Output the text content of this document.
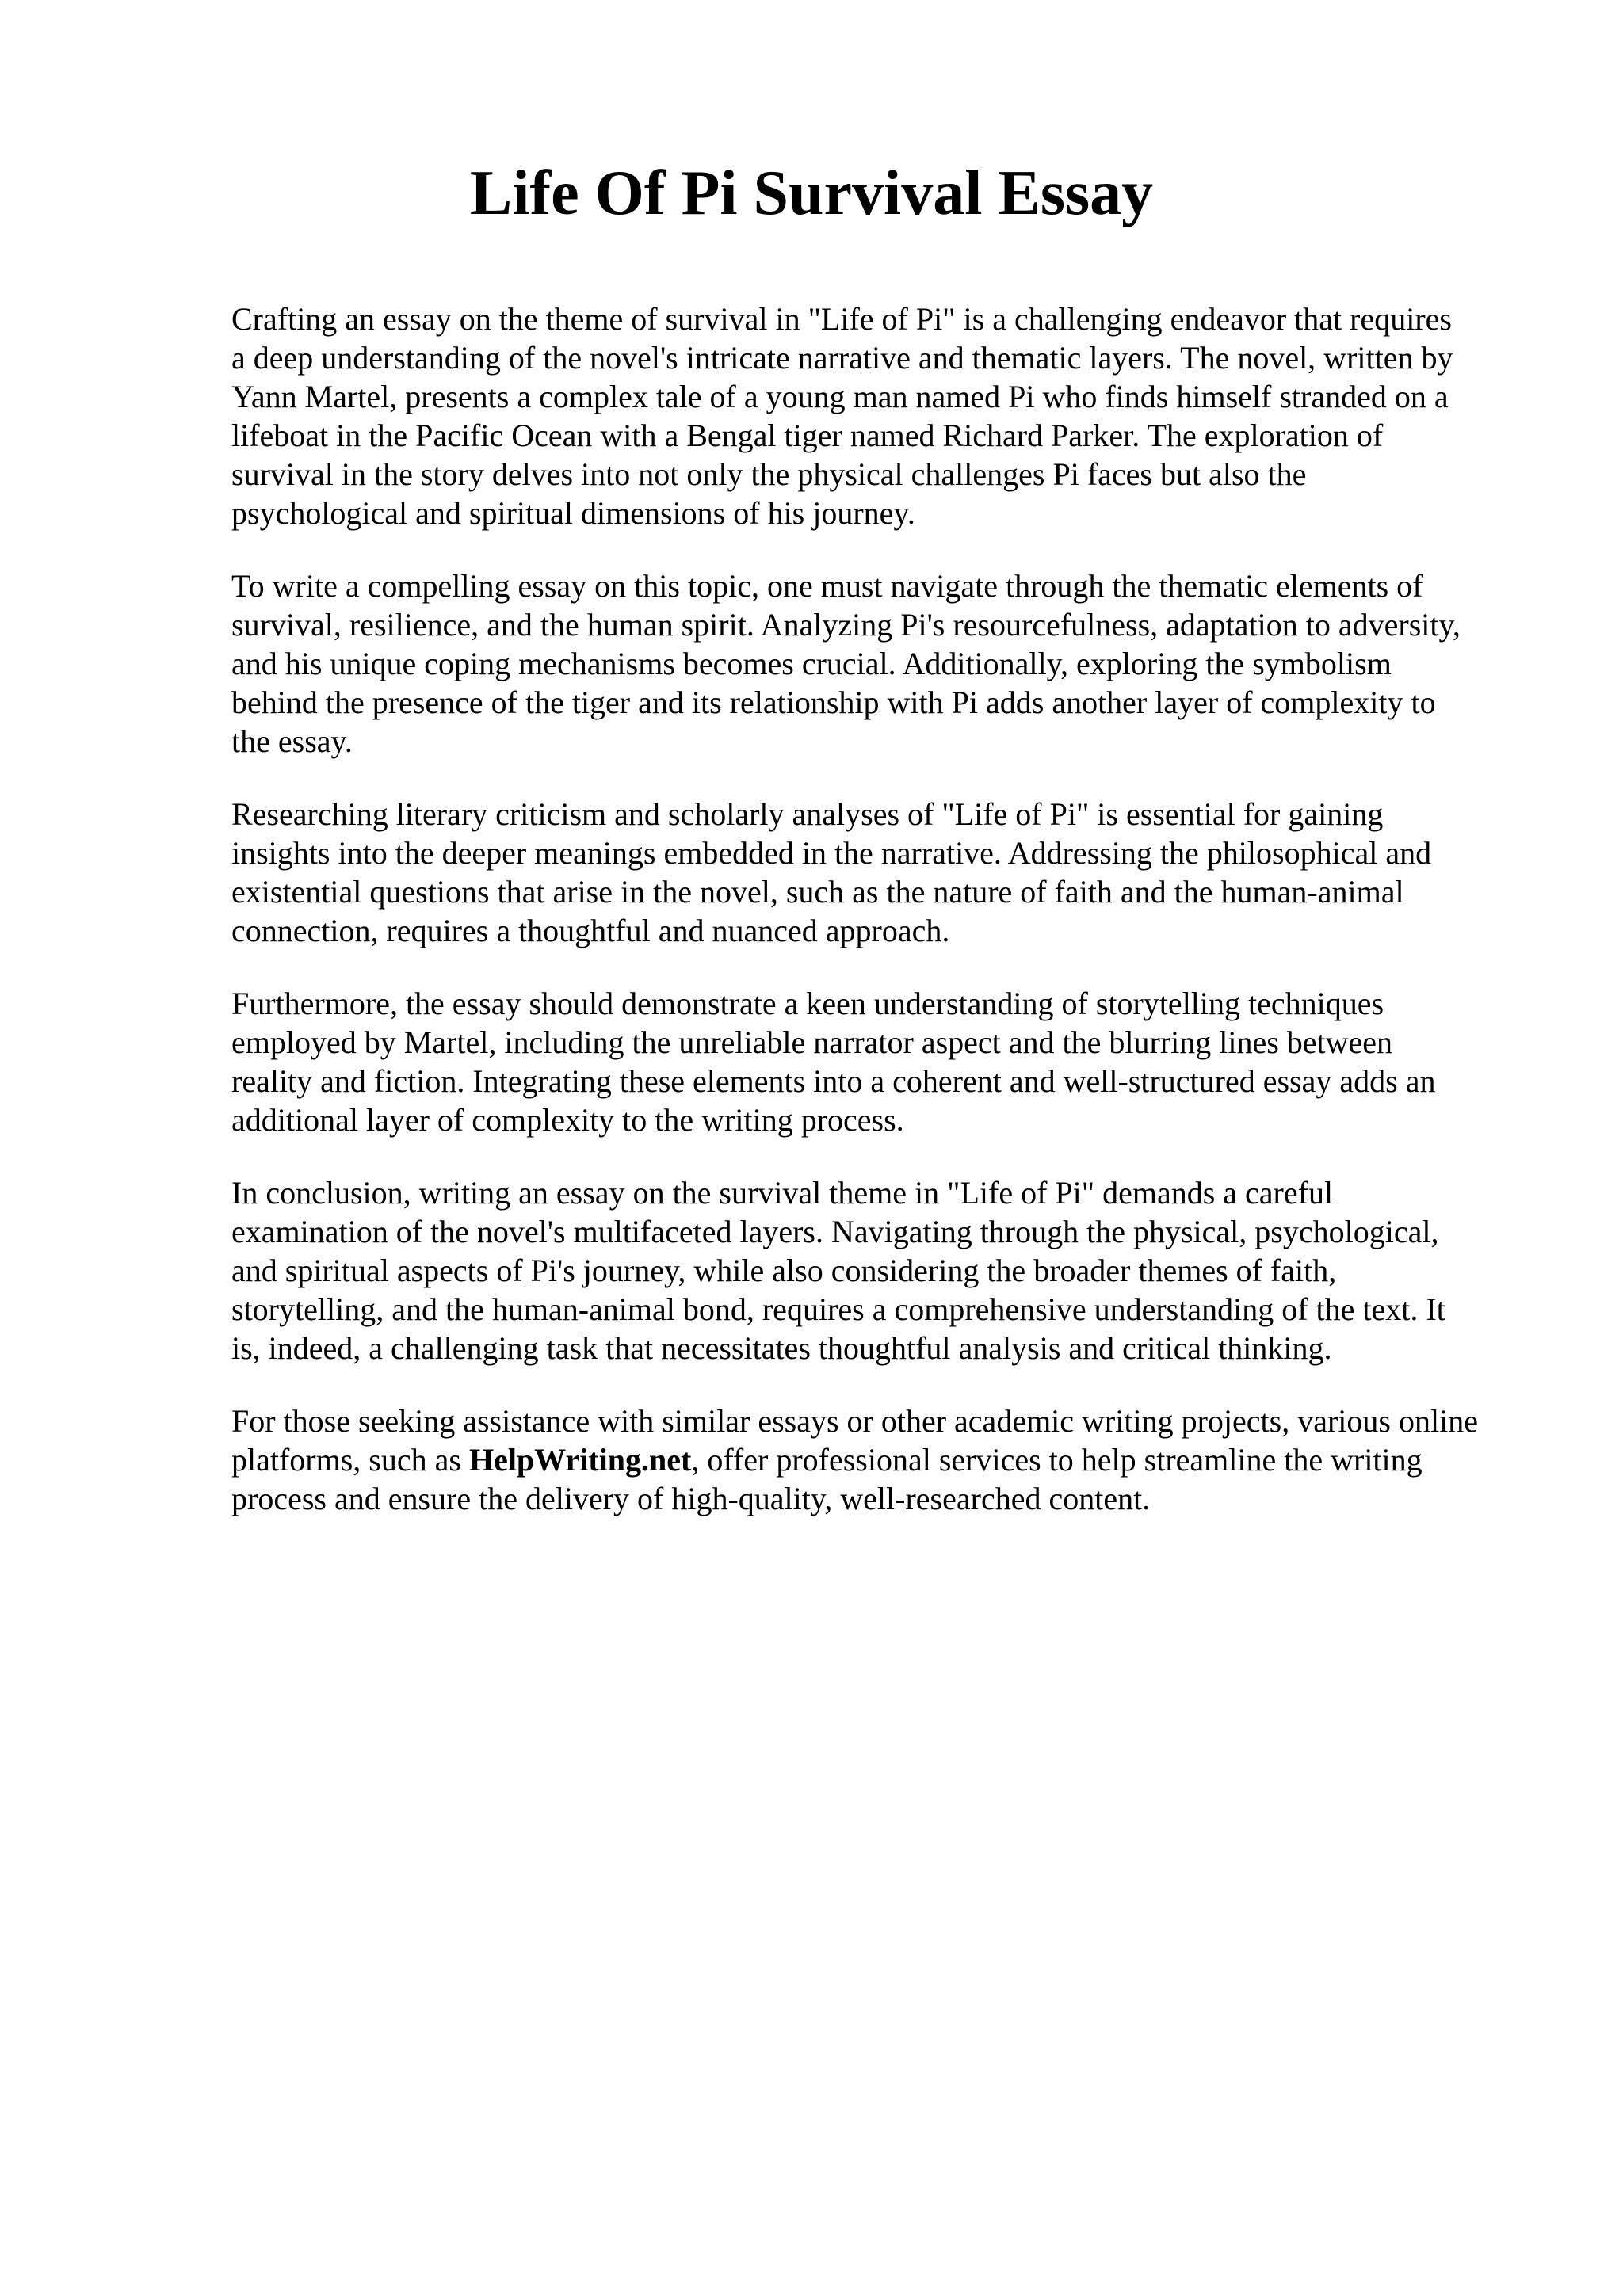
Life Of Pi Survival Essay

Crafting an essay on the theme of survival in "Life of Pi" is a challenging endeavor that requires
a deep understanding of the novel's intricate narrative and thematic layers. The novel, written by
Yann Martel, presents a complex tale of a young man named Pi who finds himself stranded on a
lifeboat in the Pacific Ocean with a Bengal tiger named Richard Parker. The exploration of
survival in the story delves into not only the physical challenges Pi faces but also the
psychological and spiritual dimensions of his journey.

To write a compelling essay on this topic, one must navigate through the thematic elements of
survival, resilience, and the human spirit. Analyzing Pi's resourcefulness, adaptation to adversity,
and his unique coping mechanisms becomes crucial. Additionally, exploring the symbolism
behind the presence of the tiger and its relationship with Pi adds another layer of complexity to
the essay.

Researching literary criticism and scholarly analyses of "Life of Pi" is essential for gaining
insights into the deeper meanings embedded in the narrative. Addressing the philosophical and
existential questions that arise in the novel, such as the nature of faith and the human-animal
connection, requires a thoughtful and nuanced approach.

Furthermore, the essay should demonstrate a keen understanding of storytelling techniques
employed by Martel, including the unreliable narrator aspect and the blurring lines between
reality and fiction. Integrating these elements into a coherent and well-structured essay adds an
additional layer of complexity to the writing process.

In conclusion, writing an essay on the survival theme in "Life of Pi" demands a careful
examination of the novel's multifaceted layers. Navigating through the physical, psychological,
and spiritual aspects of Pi's journey, while also considering the broader themes of faith,
storytelling, and the human-animal bond, requires a comprehensive understanding of the text. It
is, indeed, a challenging task that necessitates thoughtful analysis and critical thinking.

For those seeking assistance with similar essays or other academic writing projects, various online
platforms, such as HelpWriting.net, offer professional services to help streamline the writing
process and ensure the delivery of high-quality, well-researched content.
